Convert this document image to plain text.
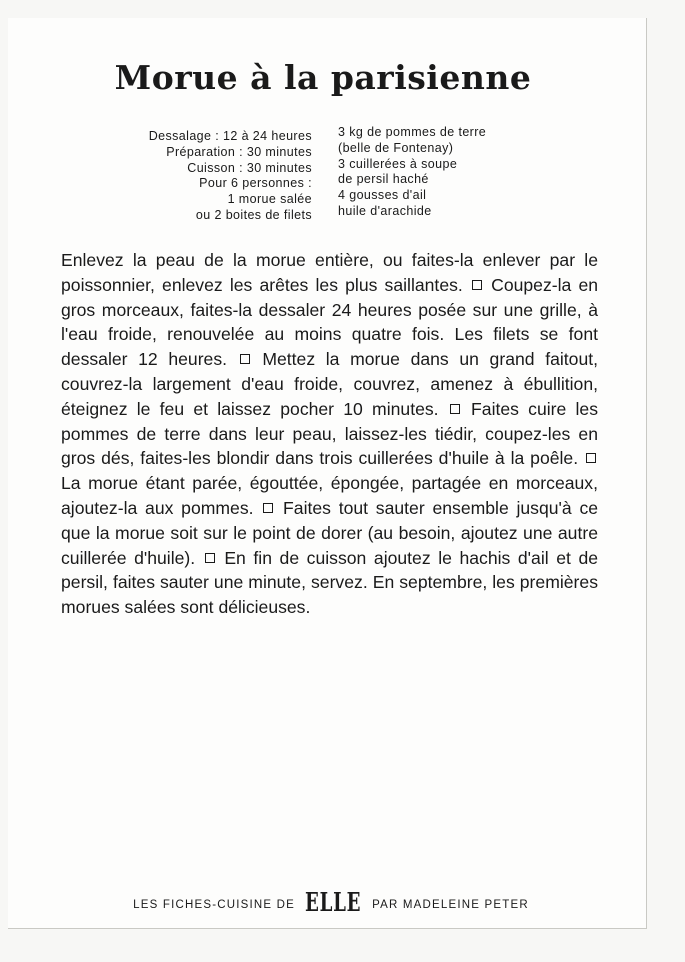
Morue à la parisienne
Dessalage : 12 à 24 heures
Préparation : 30 minutes
Cuisson : 30 minutes
Pour 6 personnes :
1 morue salée
ou 2 boites de filets
3 kg de pommes de terre
(belle de Fontenay)
3 cuillerées à soupe
de persil haché
4 gousses d'ail
huile d'arachide
Enlevez la peau de la morue entière, ou faites-la enlever par le poissonnier, enlevez les arêtes les plus saillantes. Coupez-la en gros morceaux, faites-la dessaler 24 heures posée sur une grille, à l'eau froide, renouvelée au moins quatre fois. Les filets se font dessaler 12 heures. Mettez la morue dans un grand faitout, couvrez-la largement d'eau froide, couvrez, amenez à ébullition, éteignez le feu et laissez pocher 10 minutes. Faites cuire les pommes de terre dans leur peau, laissez-les tiédir, coupez-les en gros dés, faites-les blondir dans trois cuillerées d'huile à la poêle.  La morue étant parée, égouttée, épongée, partagée en morceaux, ajoutez-la aux pommes. Faites tout sauter ensemble jusqu'à ce que la morue soit sur le point de dorer (au besoin, ajoutez une autre cuillerée d'huile). En fin de cuisson ajoutez le hachis d'ail et de persil, faites sauter une minute, servez. En septembre, les premières morues salées sont délicieuses.
LES FICHES-CUISINE DE ELLE PAR MADELEINE PETER
